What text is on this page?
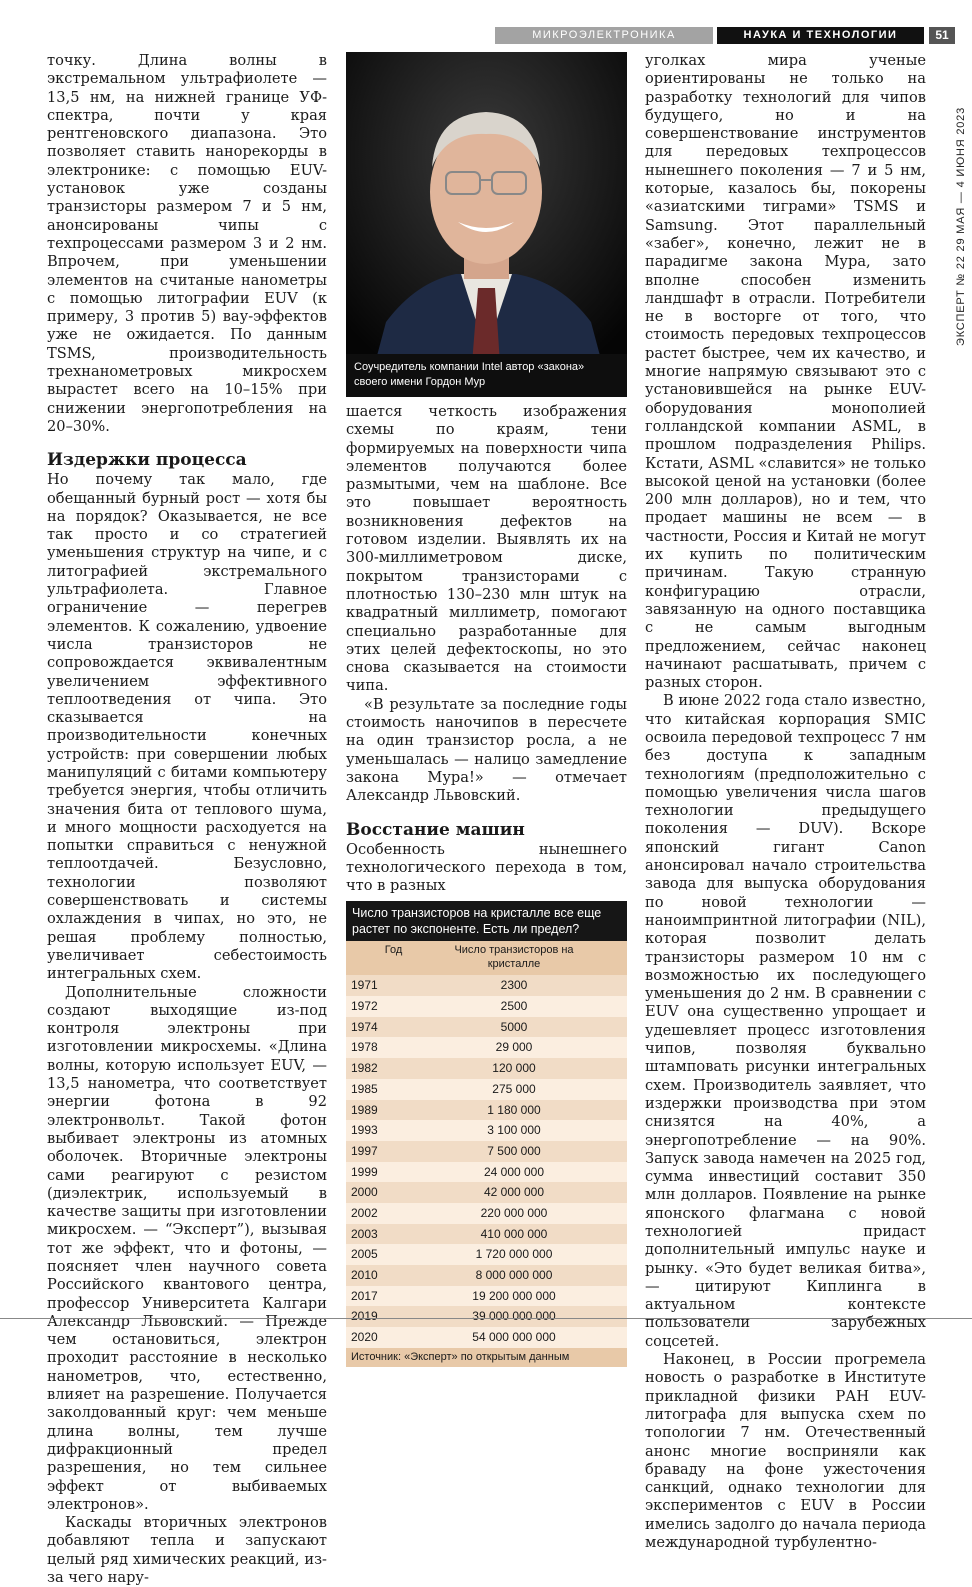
МИКРОЭЛЕКТРОНИКА	НАУКА И ТЕХНОЛОГИИ	51
ЭКСПЕРТ № 22 29 МАЯ — 4 ИЮНЯ 2023

точку. Длина волны в экстремальном ультрафиолете — 13,5 нм, на нижней границе УФ-спектра, почти у края рентгеновского диапазона. Это позволяет ставить нанорекорды в электронике: с помощью EUV-установок уже созданы транзисторы размером 7 и 5 нм, анонсированы чипы с техпроцессами размером 3 и 2 нм. Впрочем, при уменьшении элементов на считаные нанометры с помощью литографии EUV (к примеру, 3 против 5) вау-эффектов уже не ожидается. По данным TSMS, производительность трехнанометровых микросхем вырастет всего на 10–15% при снижении энергопотребления на 20–30%.

Издержки процесса

Но почему так мало, где обещанный бурный рост — хотя бы на порядок? Оказывается, не все так просто и со стратегией уменьшения структур на чипе, и с литографией экстремального ультрафиолета. Главное ограничение — перегрев элементов. К сожалению, удвоение числа транзисторов не сопровождается эквивалентным увеличением эффективного теплоотведения от чипа. Это сказывается на производительности конечных устройств: при совершении любых манипуляций с битами компьютеру требуется энергия, чтобы отличить значения бита от теплового шума, и много мощности расходуется на попытки справиться с ненужной теплоотдачей. Безусловно, технологии позволяют совершенствовать и системы охлаждения в чипах, но это, не решая проблему полностью, увеличивает себестоимость интегральных схем.

Дополнительные сложности создают выходящие из-под контроля электроны при изготовлении микросхемы. «Длина волны, которую использует EUV, — 13,5 нанометра, что соответствует энергии фотона в 92 электронвольт. Такой фотон выбивает электроны из атомных оболочек. Вторичные электроны сами реагируют с резистом (диэлектрик, используемый в качестве защиты при изготовлении микросхем. — “Эксперт”), вызывая тот же эффект, что и фотоны, — поясняет член научного совета Российского квантового центра, профессор Университета Калгари Александр Львовский. — Прежде чем остановиться, электрон проходит расстояние в несколько нанометров, что, естественно, влияет на разрешение. Получается заколдованный круг: чем меньше длина волны, тем лучше дифракционный предел разрешения, но тем сильнее эффект от выбиваемых электронов».

Каскады вторичных электронов добавляют тепла и запускают целый ряд химических реакций, из-за чего нару-

Соучредитель компании Intel автор «закона» своего имени Гордон Мур

шается четкость изображения схемы по краям, тени формируемых на поверхности чипа элементов получаются более размытыми, чем на шаблоне. Все это повышает вероятность возникновения дефектов на готовом изделии. Выявлять их на 300-миллиметровом диске, покрытом транзисторами с плотностью 130–230 млн штук на квадратный миллиметр, помогают специально разработанные для этих целей дефектоскопы, но это снова сказывается на стоимости чипа.

«В результате за последние годы стоимость наночипов в пересчете на один транзистор росла, а не уменьшалась — налицо замедление закона Мура!» — отмечает Александр Львовский.

Восстание машин

Особенность нынешнего технологического перехода в том, что в разных

Число транзисторов на кристалле все еще растет по экспоненте. Есть ли предел?
Год	Число транзисторов на кристалле
1971	2300
1972	2500
1974	5000
1978	29 000
1982	120 000
1985	275 000
1989	1 180 000
1993	3 100 000
1997	7 500 000
1999	24 000 000
2000	42 000 000
2002	220 000 000
2003	410 000 000
2005	1 720 000 000
2010	8 000 000 000
2017	19 200 000 000
2019	39 000 000 000
2020	54 000 000 000
Источник: «Эксперт» по открытым данным

уголках мира ученые ориентированы не только на разработку технологий для чипов будущего, но и на совершенствование инструментов для передовых техпроцессов нынешнего поколения — 7 и 5 нм, которые, казалось бы, покорены «азиатскими тиграми» TSMS и Samsung. Этот параллельный «забег», конечно, лежит не в парадигме закона Мура, зато вполне способен изменить ландшафт в отрасли. Потребители не в восторге от того, что стоимость передовых техпроцессов растет быстрее, чем их качество, и многие напрямую связывают это с установившейся на рынке EUV-оборудования монополией голландской компании ASML, в прошлом подразделения Philips. Кстати, ASML «славится» не только высокой ценой на установки (более 200 млн долларов), но и тем, что продает машины не всем — в частности, Россия и Китай не могут их купить по политическим причинам. Такую странную конфигурацию отрасли, завязанную на одного поставщика с не самым выгодным предложением, сейчас наконец начинают расшатывать, причем с разных сторон.

В июне 2022 года стало известно, что китайская корпорация SMIC освоила передовой техпроцесс 7 нм без доступа к западным технологиям (предположительно с помощью увеличения числа шагов технологии предыдущего поколения — DUV). Вскоре японский гигант Canon анонсировал начало строительства завода для выпуска оборудования по новой технологии — наноимпринтной литографии (NIL), которая позволит делать транзисторы размером 10 нм с возможностью их последующего уменьшения до 2 нм. В сравнении с EUV она существенно упрощает и удешевляет процесс изготовления чипов, позволяя буквально штамповать рисунки интегральных схем. Производитель заявляет, что издержки производства при этом снизятся на 40%, а энергопотребление — на 90%. Запуск завода намечен на 2025 год, сумма инвестиций составит 350 млн долларов. Появление на рынке японского флагмана с новой технологией придаст дополнительный импульс науке и рынку. «Это будет великая битва», — цитируют Киплинга в актуальном контексте пользователи зарубежных соцсетей.

Наконец, в России прогремела новость о разработке в Институте прикладной физики РАН EUV-литографа для выпуска схем по топологии 7 нм. Отечественный анонс многие восприняли как браваду на фоне ужесточения санкций, однако технологии для экспериментов с EUV в России имелись задолго до начала периода международной турбулентно-
